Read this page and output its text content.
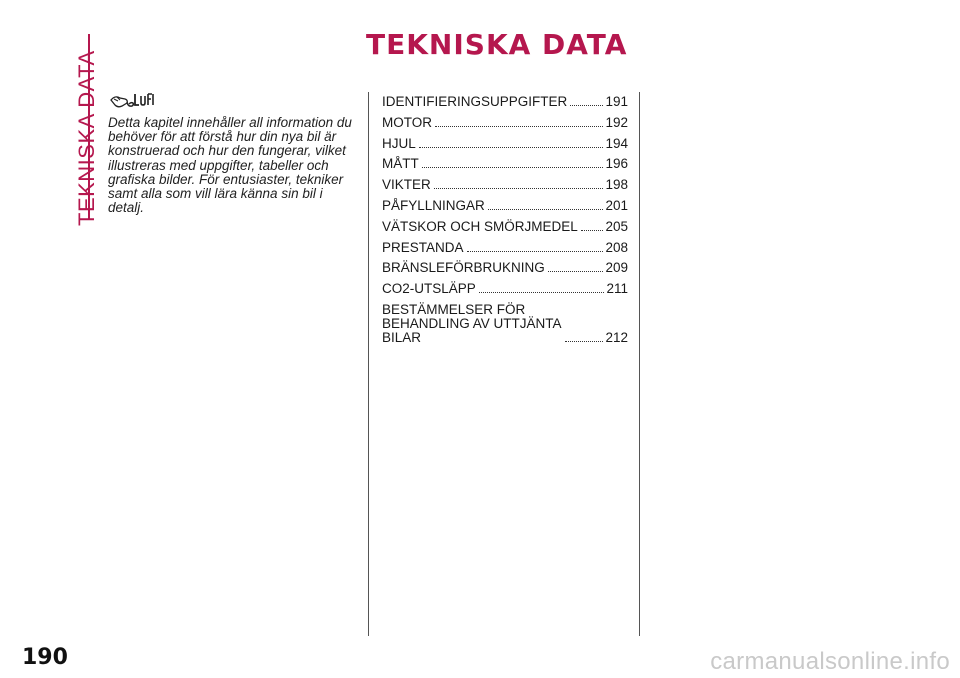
TEKNISKA DATA
TEKNISKA DATA
Detta kapitel innehåller all information du behöver för att förstå hur din nya bil är konstruerad och hur den fungerar, vilket illustreras med uppgifter, tabeller och grafiska bilder. För entusiaster, tekniker samt alla som vill lära känna sin bil i detalj.
IDENTIFIERINGSUPPGIFTER	191
MOTOR	192
HJUL	194
MÅTT	196
VIKTER	198
PÅFYLLNINGAR	201
VÄTSKOR OCH SMÖRJMEDEL 205
PRESTANDA	208
BRÄNSLEFÖRBRUKNING	209
CO2-UTSLÄPP	211
BESTÄMMELSER FÖR
BEHANDLING AV UTTJÄNTA
BILAR	212
190	carmanualsonline.info
